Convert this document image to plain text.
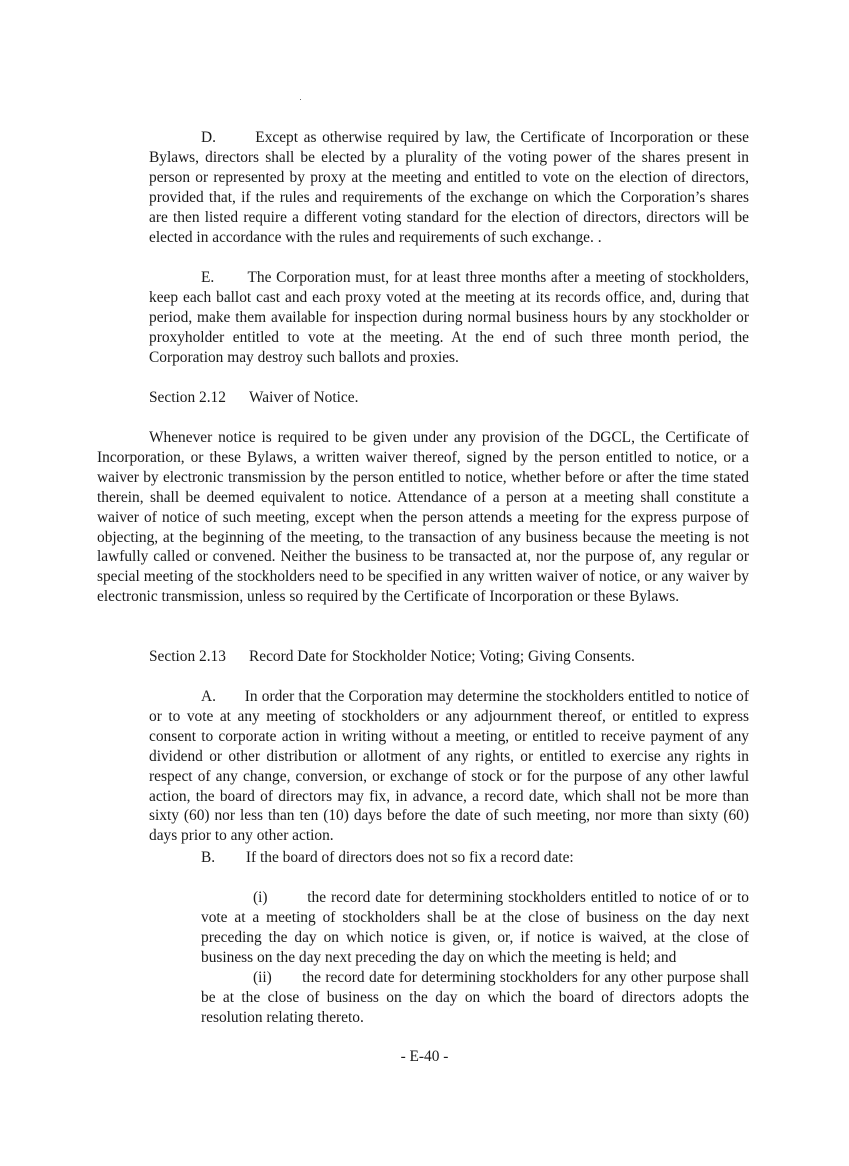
D.       Except as otherwise required by law, the Certificate of Incorporation or these Bylaws, directors shall be elected by a plurality of the voting power of the shares present in person or represented by proxy at the meeting and entitled to vote on the election of directors, provided that, if the rules and requirements of the exchange on which the Corporation’s shares are then listed require a different voting standard for the election of directors, directors will be elected in accordance with the rules and requirements of such exchange. .

E.       The Corporation must, for at least three months after a meeting of stockholders, keep each ballot cast and each proxy voted at the meeting at its records office, and, during that period, make them available for inspection during normal business hours by any stockholder or proxyholder entitled to vote at the meeting. At the end of such three month period, the Corporation may destroy such ballots and proxies.

Section 2.12 Waiver of Notice.

Whenever notice is required to be given under any provision of the DGCL, the Certificate of Incorporation, or these Bylaws, a written waiver thereof, signed by the person entitled to notice, or a waiver by electronic transmission by the person entitled to notice, whether before or after the time stated therein, shall be deemed equivalent to notice. Attendance of a person at a meeting shall constitute a waiver of notice of such meeting, except when the person attends a meeting for the express purpose of objecting, at the beginning of the meeting, to the transaction of any business because the meeting is not lawfully called or convened. Neither the business to be transacted at, nor the purpose of, any regular or special meeting of the stockholders need to be specified in any written waiver of notice, or any waiver by electronic transmission, unless so required by the Certificate of Incorporation or these Bylaws.

Section 2.13 Record Date for Stockholder Notice; Voting; Giving Consents.

A.       In order that the Corporation may determine the stockholders entitled to notice of or to vote at any meeting of stockholders or any adjournment thereof, or entitled to express consent to corporate action in writing without a meeting, or entitled to receive payment of any dividend or other distribution or allotment of any rights, or entitled to exercise any rights in respect of any change, conversion, or exchange of stock or for the purpose of any other lawful action, the board of directors may fix, in advance, a record date, which shall not be more than sixty (60) nor less than ten (10) days before the date of such meeting, nor more than sixty (60) days prior to any other action.

B.        If the board of directors does not so fix a record date:

(i)        the record date for determining stockholders entitled to notice of or to vote at a meeting of stockholders shall be at the close of business on the day next preceding the day on which notice is given, or, if notice is waived, at the close of business on the day next preceding the day on which the meeting is held; and

(ii)       the record date for determining stockholders for any other purpose shall be at the close of business on the day on which the board of directors adopts the resolution relating thereto.

- E-40 -
